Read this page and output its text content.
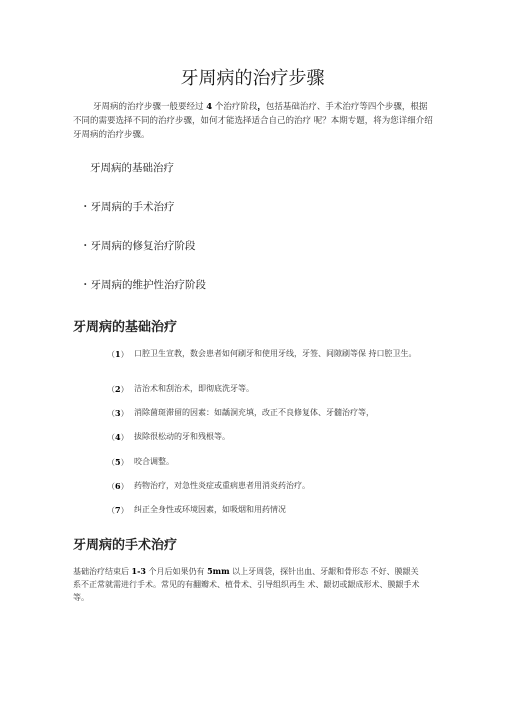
牙周病的治疗步骤

牙周病的治疗步骤一般要经过 4 个治疗阶段，包括基础治疗、手术治疗等四个步骤，根据不同的需要选择不同的治疗步骤，如何才能选择适合自己的治疗 呢？本期专题，将为您详细介绍牙周病的治疗步骤。

牙周病的基础治疗
・牙周病的手术治疗
・牙周病的修复治疗阶段
・牙周病的维护性治疗阶段
牙周病的基础治疗
（1） 口腔卫生宣教，数会患者如何刷牙和使用牙线，牙签、间隙刷等保 持口腔卫生。
（2） 洁治术和刮治术，即彻底洗牙等。
（3） 消除菌斑滞留的因素：如龋洞充填，改正不良修复体、牙髓治疗等，
（4） 拔除很松动的牙和残根等。
（5） 咬合调整。
（6） 药物治疗，对急性炎症或重病患者用消炎药治疗。
（7） 纠正全身性或环境因素，如吸烟和用药情况
牙周病的手术治疗

基础治疗结束后 1-3 个月后如果仍有 5mm 以上牙周袋，探针出血、牙龈和骨形态 不好、膜龈关系不正常就需进行手术。常见的有翻瓣术、植骨术、引导组织再生 术、龈切或龈成形术、膜龈手术等。
